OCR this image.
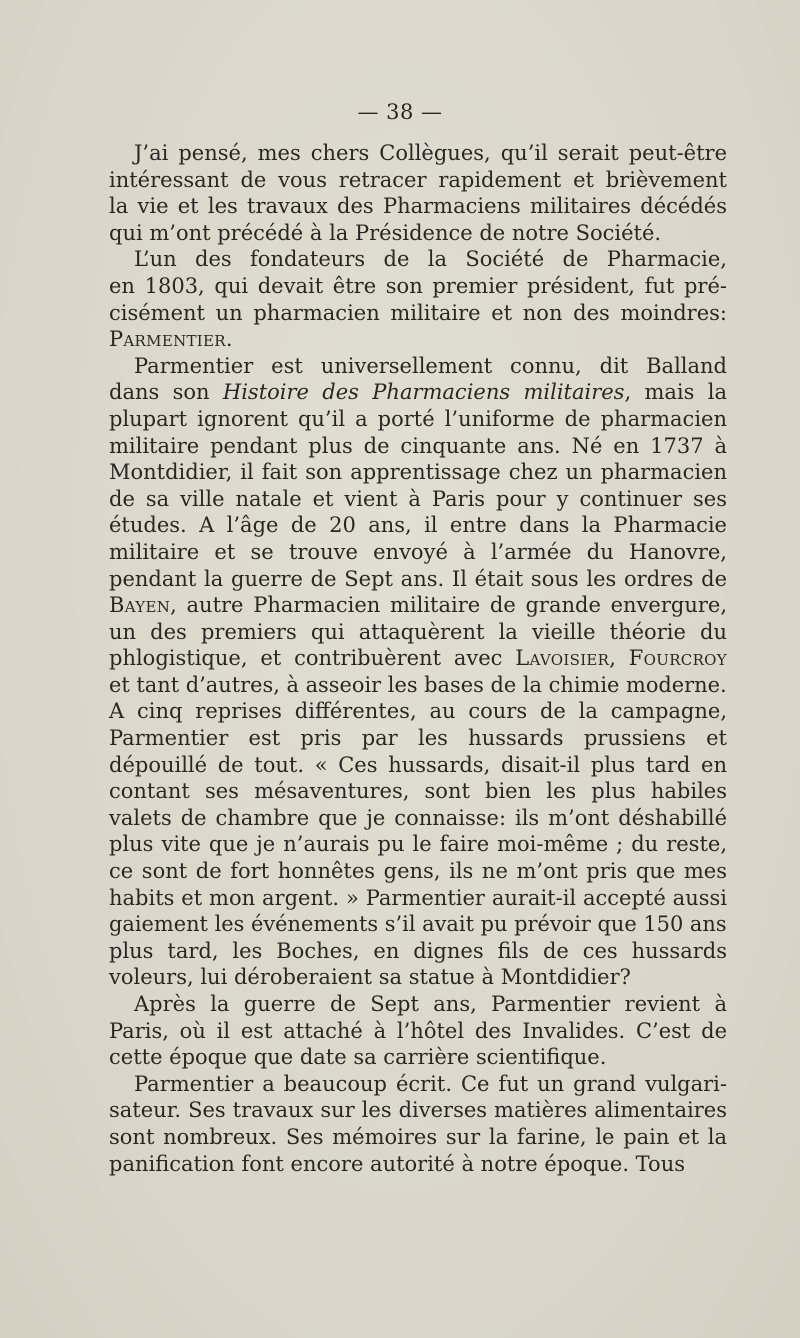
— 38 —

J’ai pensé, mes chers Collègues, qu’il serait peut-être
intéressant de vous retracer rapidement et brièvement
la vie et les travaux des Pharmaciens militaires décédés
qui m’ont précédé à la Présidence de notre Société.
L’un des fondateurs de la Société de Pharmacie,
en 1803, qui devait être son premier président, fut pré-
cisément un pharmacien militaire et non des moindres:
Parmentier.
Parmentier est universellement connu, dit Balland
dans son Histoire des Pharmaciens militaires, mais la
plupart ignorent qu’il a porté l’uniforme de pharmacien
militaire pendant plus de cinquante ans. Né en 1737 à
Montdidier, il fait son apprentissage chez un pharmacien
de sa ville natale et vient à Paris pour y continuer ses
études. A l’âge de 20 ans, il entre dans la Pharmacie
militaire et se trouve envoyé à l’armée du Hanovre,
pendant la guerre de Sept ans. Il était sous les ordres de
Bayen, autre Pharmacien militaire de grande envergure,
un des premiers qui attaquèrent la vieille théorie du
phlogistique, et contribuèrent avec Lavoisier, Fourcroy
et tant d’autres, à asseoir les bases de la chimie moderne.
A cinq reprises différentes, au cours de la campagne,
Parmentier est pris par les hussards prussiens et
dépouillé de tout. « Ces hussards, disait-il plus tard en
contant ses mésaventures, sont bien les plus habiles
valets de chambre que je connaisse: ils m’ont déshabillé
plus vite que je n’aurais pu le faire moi-même ; du reste,
ce sont de fort honnêtes gens, ils ne m’ont pris que mes
habits et mon argent. » Parmentier aurait-il accepté aussi
gaiement les événements s’il avait pu prévoir que 150 ans
plus tard, les Boches, en dignes fils de ces hussards
voleurs, lui déroberaient sa statue à Montdidier?
Après la guerre de Sept ans, Parmentier revient à
Paris, où il est attaché à l’hôtel des Invalides. C’est de
cette époque que date sa carrière scientifique.
Parmentier a beaucoup écrit. Ce fut un grand vulgari-
sateur. Ses travaux sur les diverses matières alimentaires
sont nombreux. Ses mémoires sur la farine, le pain et la
panification font encore autorité à notre époque. Tous
